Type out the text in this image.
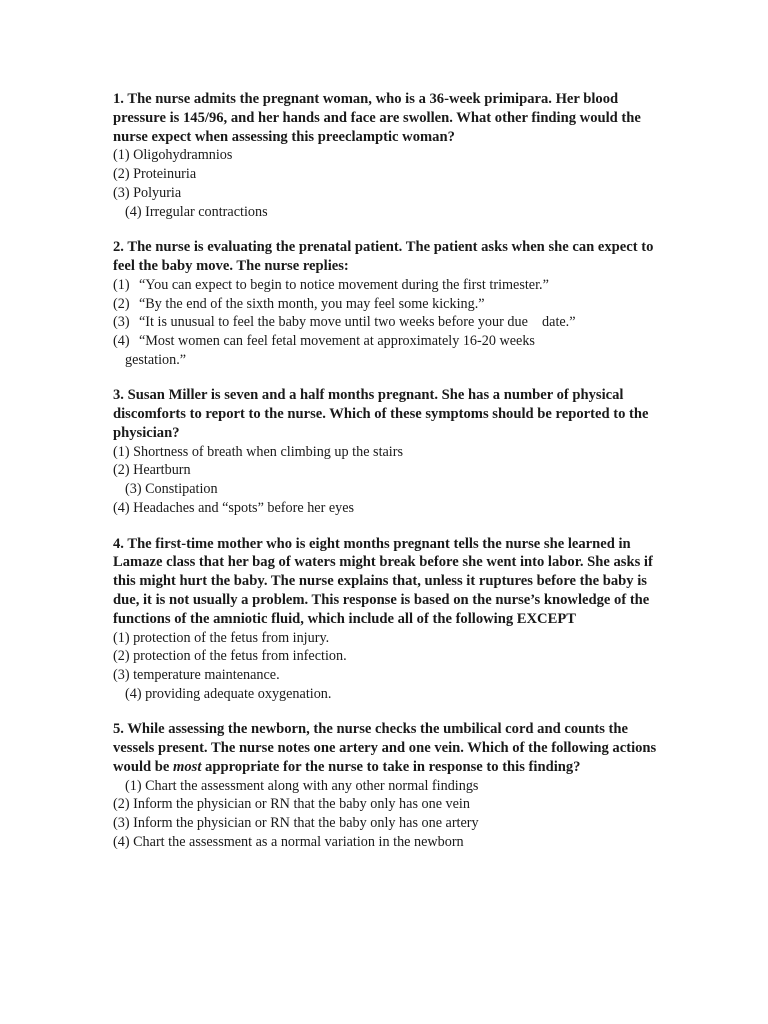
1. The nurse admits the pregnant woman, who is a 36-week primipara. Her blood pressure is 145/96, and her hands and face are swollen. What other finding would the nurse expect when assessing this preeclamptic woman?

(1) Oligohydramnios
(2) Proteinuria
(3) Polyuria
(4) Irregular contractions

2. The nurse is evaluating the prenatal patient. The patient asks when she can expect to feel the baby move. The nurse replies:

(1) “You can expect to begin to notice movement during the first trimester.”
(2) “By the end of the sixth month, you may feel some kicking.”
(3) “It is unusual to feel the baby move until two weeks before your due    date.”
(4) “Most women can feel fetal movement at approximately 16-20 weeks
gestation.”

3. Susan Miller is seven and a half months pregnant. She has a number of physical discomforts to report to the nurse. Which of these symptoms should be reported to the physician?

(1) Shortness of breath when climbing up the stairs
(2) Heartburn
(3) Constipation
(4) Headaches and “spots” before her eyes

4. The first-time mother who is eight months pregnant tells the nurse she learned in Lamaze class that her bag of waters might break before she went into labor. She asks if this might hurt the baby. The nurse explains that, unless it ruptures before the baby is due, it is not usually a problem. This response is based on the nurse’s knowledge of the functions of the amniotic fluid, which include all of the following EXCEPT

(1) protection of the fetus from injury.
(2) protection of the fetus from infection.
(3) temperature maintenance.
(4) providing adequate oxygenation.

5. While assessing the newborn, the nurse checks the umbilical cord and counts the vessels present. The nurse notes one artery and one vein. Which of the following actions would be most appropriate for the nurse to take in response to this finding?

(1) Chart the assessment along with any other normal findings
(2) Inform the physician or RN that the baby only has one vein
(3) Inform the physician or RN that the baby only has one artery
(4) Chart the assessment as a normal variation in the newborn
